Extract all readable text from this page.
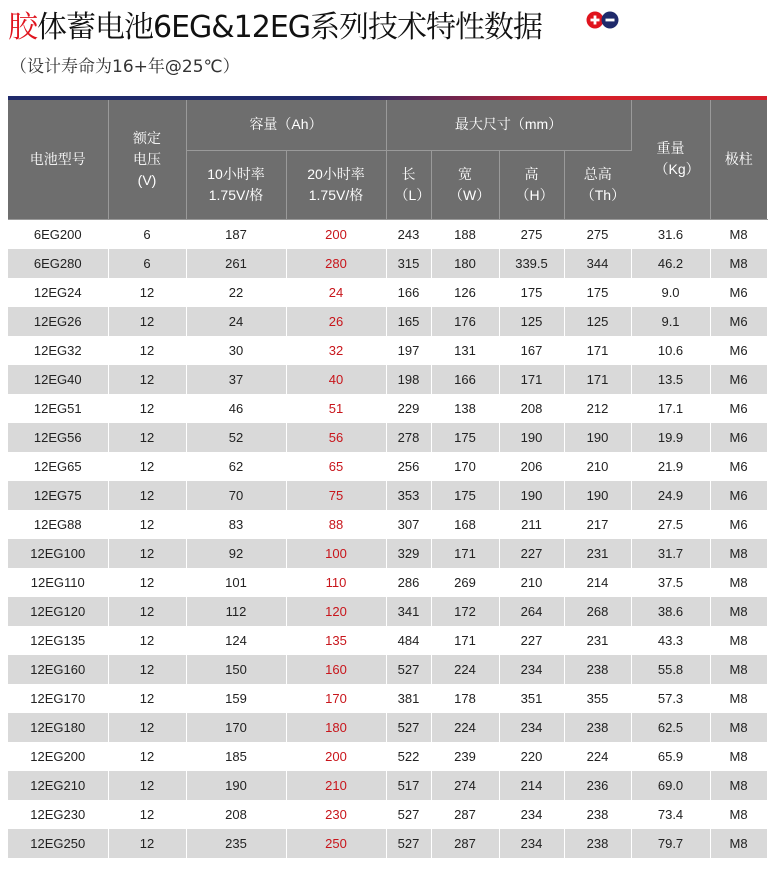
胶体蓄电池6EG&12EG系列技术特性数据
（设计寿命为16+年@25℃）
电池型号	额定电压(V)	容量（Ah）		最大尺寸（mm）				重量（Kg）	极柱

		10小时率1.75V/格	20小时率1.75V/格	长（L）	宽（W）	高（H）	总高（Th）		

6EG200	6	187	200	243	188	275	275	31.6	M8
6EG280	6	261	280	315	180	339.5	344	46.2	M8
12EG24	12	22	24	166	126	175	175	9.0	M6
12EG26	12	24	26	165	176	125	125	9.1	M6
12EG32	12	30	32	197	131	167	171	10.6	M6
12EG40	12	37	40	198	166	171	171	13.5	M6
12EG51	12	46	51	229	138	208	212	17.1	M6
12EG56	12	52	56	278	175	190	190	19.9	M6
12EG65	12	62	65	256	170	206	210	21.9	M6
12EG75	12	70	75	353	175	190	190	24.9	M6
12EG88	12	83	88	307	168	211	217	27.5	M6
12EG100	12	92	100	329	171	227	231	31.7	M8
12EG110	12	101	110	286	269	210	214	37.5	M8
12EG120	12	112	120	341	172	264	268	38.6	M8
12EG135	12	124	135	484	171	227	231	43.3	M8
12EG160	12	150	160	527	224	234	238	55.8	M8
12EG170	12	159	170	381	178	351	355	57.3	M8
12EG180	12	170	180	527	224	234	238	62.5	M8
12EG200	12	185	200	522	239	220	224	65.9	M8
12EG210	12	190	210	517	274	214	236	69.0	M8
12EG230	12	208	230	527	287	234	238	73.4	M8
12EG250	12	235	250	527	287	234	238	79.7	M8
